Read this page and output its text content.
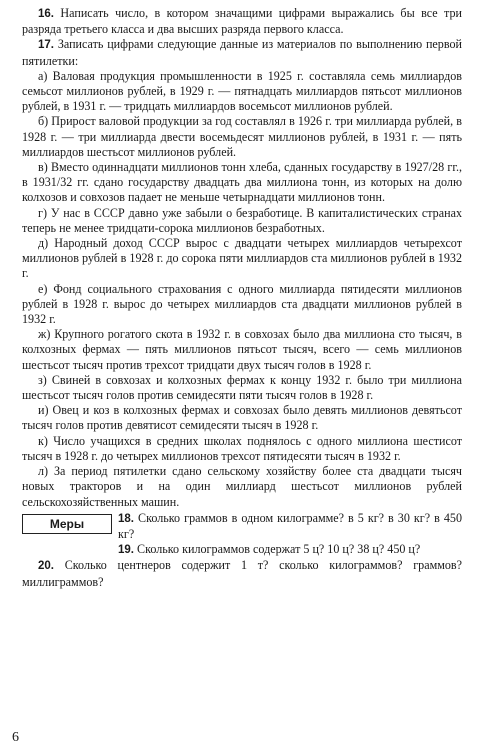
16. Написать число, в котором значащими цифрами выражались бы все три разряда третьего класса и два высших разряда первого класса.

17. Записать цифрами следующие данные из материалов по выполнению первой пятилетки:

а) Валовая продукция промышленности в 1925 г. составляла семь миллиардов семьсот миллионов рублей, в 1929 г. — пятнадцать миллиардов пятьсот миллионов рублей, в 1931 г. — тридцать миллиардов восемьсот миллионов рублей.

б) Прирост валовой продукции за год составлял в 1926 г. три миллиарда рублей, в 1928 г. — три миллиарда двести восемьдесят миллионов рублей, в 1931 г. — пять миллиардов шестьсот миллионов рублей.

в) Вместо одиннадцати миллионов тонн хлеба, сданных государству в 1927/28 гг., в 1931/32 гг. сдано государству двадцать два миллиона тонн, из которых на долю колхозов и совхозов падает не меньше четырнадцати миллионов тонн.

г) У нас в СССР давно уже забыли о безработице. В капиталистических странах теперь не менее тридцати-сорока миллионов безработных.

д) Народный доход СССР вырос с двадцати четырех миллиардов четырехсот миллионов рублей в 1928 г. до сорока пяти миллиардов ста миллионов рублей в 1932 г.

е) Фонд социального страхования с одного миллиарда пятидесяти миллионов рублей в 1928 г. вырос до четырех миллиардов ста двадцати миллионов рублей в 1932 г.

ж) Крупного рогатого скота в 1932 г. в совхозах было два миллиона сто тысяч, в колхозных фермах — пять миллионов пятьсот тысяч, всего — семь миллионов шестьсот тысяч против трехсот тридцати двух тысяч голов в 1928 г.

з) Свиней в совхозах и колхозных фермах к концу 1932 г. было три миллиона шестьсот тысяч голов против семидесяти пяти тысяч голов в 1928 г.

и) Овец и коз в колхозных фермах и совхозах было девять миллионов девятьсот тысяч голов против девятисот семидесяти тысяч в 1928 г.

к) Число учащихся в средних школах поднялось с одного миллиона шестисот тысяч в 1928 г. до четырех миллионов трехсот пятидесяти тысяч в 1932 г.

л) За период пятилетки сдано сельскому хозяйству более ста двадцати тысяч новых тракторов и на один миллиард шестьсот миллионов рублей сельскохозяйственных машин.

Меры	18. Сколько граммов в одном килограмме? в 5 кг? в 30 кг? в 450 кг?

19. Сколько килограммов содержат 5 ц? 10 ц? 38 ц? 450 ц?

20. Сколько центнеров содержит 1 т? сколько килограммов? граммов? миллиграммов?

6
